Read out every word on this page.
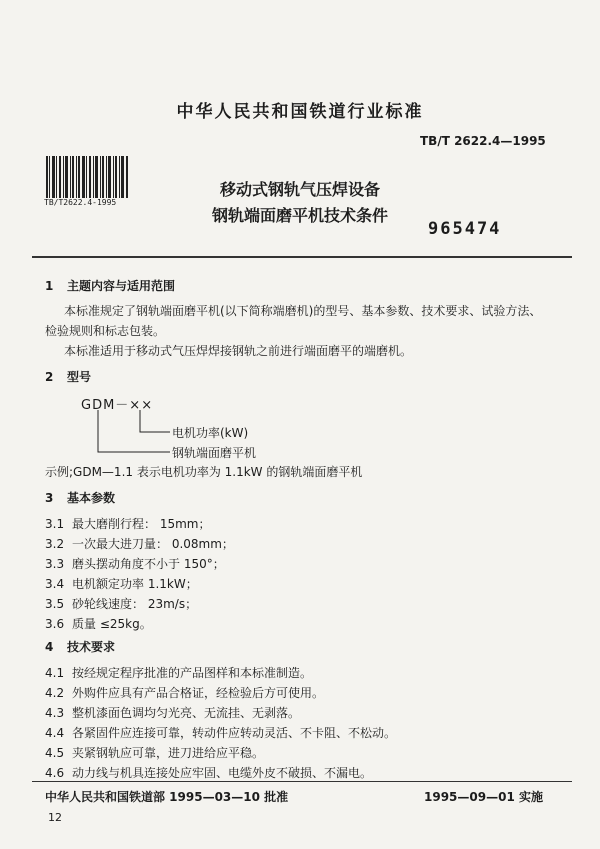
中华人民共和国铁道行业标准
TB/T 2622.4—1995
TB/T2622.4-1995
移动式钢轨气压焊设备
钢轨端面磨平机技术条件
965474
1 主题内容与适用范围
本标准规定了钢轨端面磨平机(以下简称端磨机)的型号、基本参数、技术要求、试验方法、
检验规则和标志包装。
本标准适用于移动式气压焊焊接钢轨之前进行端面磨平的端磨机。
2 型号
GDM－××
电机功率(kW)
钢轨端面磨平机
示例;GDM—1.1 表示电机功率为 1.1kW 的钢轨端面磨平机
3 基本参数
3.1 最大磨削行程： 15mm；
3.2 一次最大进刀量： 0.08mm；
3.3 磨头摆动角度不小于 150°；
3.4 电机额定功率 1.1kW；
3.5 砂轮线速度： 23m/s；
3.6 质量 ≤25kg。
4 技术要求
4.1 按经规定程序批准的产品图样和本标准制造。
4.2 外购件应具有产品合格证，经检验后方可使用。
4.3 整机漆面色调均匀光亮、无流挂、无剥落。
4.4 各紧固件应连接可靠，转动件应转动灵活、不卡阻、不松动。
4.5 夹紧钢轨应可靠，进刀进给应平稳。
4.6 动力线与机具连接处应牢固、电缆外皮不破损、不漏电。
中华人民共和国铁道部 1995—03—10 批准	1995—09—01 实施
12
